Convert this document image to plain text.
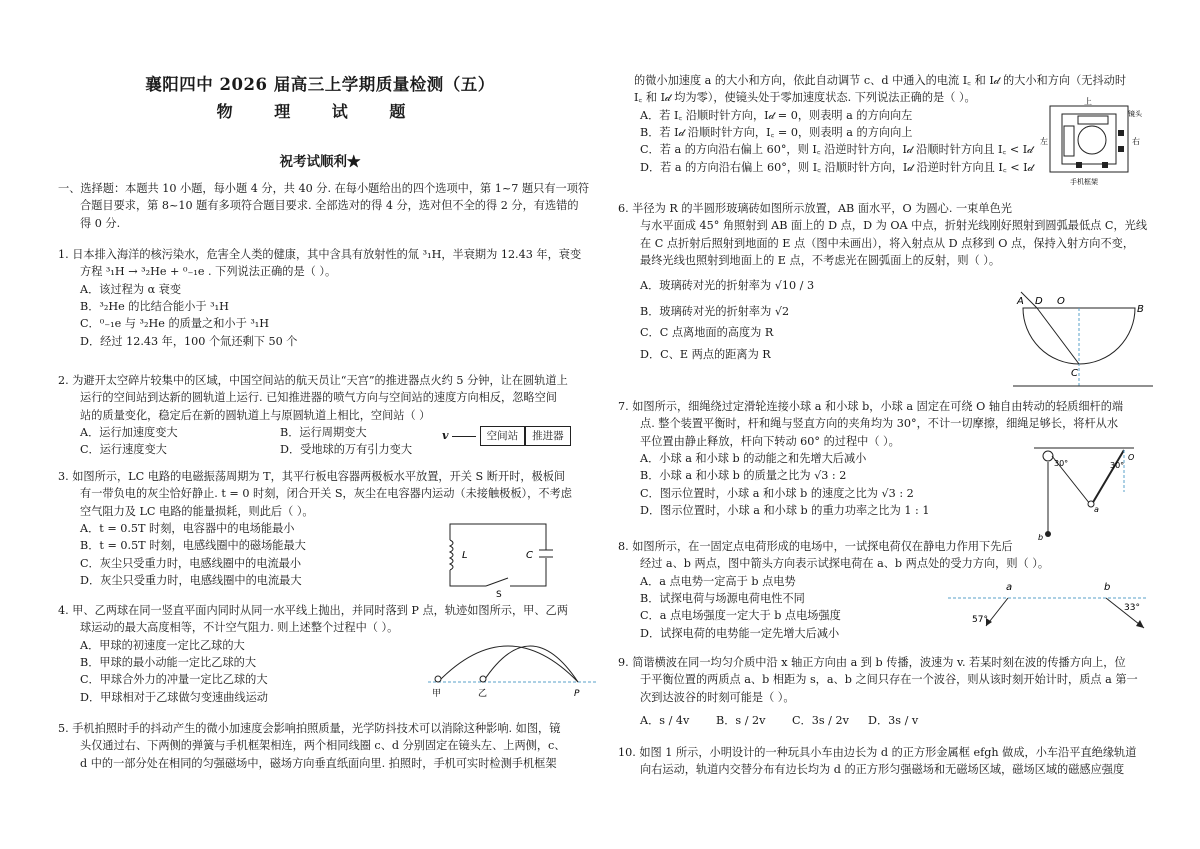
襄阳四中 2026 届高三上学期质量检测（五）
物 理 试 题
祝考试顺利★
一、选择题：本题共 10 小题，每小题 4 分，共 40 分. 在每小题给出的四个选项中，第 1~7 题只有一项符
合题目要求，第 8~10 题有多项符合题目要求. 全部选对的得 4 分，选对但不全的得 2 分，有选错的
得 0 分.
1. 日本排入海洋的核污染水，危害全人类的健康，其中含具有放射性的氚 ³₁H，半衰期为 12.43 年，衰变
方程 ³₁H → ³₂He + ⁰₋₁e . 下列说法正确的是（ ）。
A．该过程为 α 衰变
B．³₂He 的比结合能小于 ³₁H
C．⁰₋₁e 与 ³₂He 的质量之和小于 ³₁H
D．经过 12.43 年，100 个氚还剩下 50 个
2. 为避开太空碎片较集中的区域，中国空间站的航天员让“天宫”的推进器点火约 5 分钟，让在圆轨道上
运行的空间站到达新的圆轨道上运行. 已知推进器的喷气方向与空间站的速度方向相反，忽略空间
站的质量变化，稳定后在新的圆轨道上与原圆轨道上相比，空间站（ ）
A．运行加速度变大	B．运行周期变大
C．运行速度变大	D．受地球的万有引力变大
v	空间站 推进器
3. 如图所示，LC 电路的电磁振荡周期为 T，其平行板电容器两极板水平放置，开关 S 断开时，极板间
有一带负电的灰尘恰好静止. t = 0 时刻，闭合开关 S，灰尘在电容器内运动（未接触极板），不考虑
空气阻力及 LC 电路的能量损耗，则此后（ ）。
A．t = 0.5T 时刻，电容器中的电场能最小
B．t = 0.5T 时刻，电感线圈中的磁场能最大
C．灰尘只受重力时，电感线圈中的电流最小
D．灰尘只受重力时，电感线圈中的电流最大
L	C
S
4. 甲、乙两球在同一竖直平面内同时从同一水平线上抛出，并同时落到 P 点，轨迹如图所示，甲、乙两
球运动的最大高度相等，不计空气阻力. 则上述整个过程中（ ）。
A．甲球的初速度一定比乙球的大
B．甲球的最小动能一定比乙球的大
C．甲球合外力的冲量一定比乙球的大
D．甲球相对于乙球做匀变速曲线运动	甲	乙	P
5. 手机拍照时手的抖动产生的微小加速度会影响拍照质量，光学防抖技术可以消除这种影响. 如图，镜
头仅通过右、下两侧的弹簧与手机框架相连，两个相同线圈 c、d 分别固定在镜头左、上两侧，c、
d 中的一部分处在相同的匀强磁场中，磁场方向垂直纸面向里. 拍照时，手机可实时检测手机框架
的微小加速度 a 的大小和方向，依此自动调节 c、d 中通入的电流 I꜀ 和 I𝒹 的大小和方向（无抖动时
I꜀ 和 I𝒹 均为零），使镜头处于零加速度状态. 下列说法正确的是（ ）。
A．若 I꜀ 沿顺时针方向，I𝒹 = 0，则表明 a 的方向向左
B．若 I𝒹 沿顺时针方向，I꜀ = 0，则表明 a 的方向向上
C．若 a 的方向沿右偏上 60°，则 I꜀ 沿逆时针方向，I𝒹 沿顺时针方向且 I꜀ < I𝒹
D．若 a 的方向沿右偏上 60°，则 I꜀ 沿顺时针方向，I𝒹 沿逆时针方向且 I꜀ < I𝒹
上
左	右
镜头
手机框架
6. 半径为 R 的半圆形玻璃砖如图所示放置，AB 面水平，O 为圆心. 一束单色光
与水平面成 45° 角照射到 AB 面上的 D 点，D 为 OA 中点，折射光线刚好照射到圆弧最低点 C，光线
在 C 点折射后照射到地面的 E 点（图中未画出），将入射点从 D 点移到 O 点，保持入射方向不变，
最终光线也照射到地面上的 E 点，不考虑光在圆弧面上的反射，则（ ）。
A．玻璃砖对光的折射率为 √10 / 3
B．玻璃砖对光的折射率为 √2
C．C 点离地面的高度为 R
D．C、E 两点的距离为 R
A D O
B
C
7. 如图所示，细绳绕过定滑轮连接小球 a 和小球 b，小球 a 固定在可绕 O 轴自由转动的轻质细杆的端
点. 整个装置平衡时，杆和绳与竖直方向的夹角均为 30°，不计一切摩擦，细绳足够长，将杆从水
平位置由静止释放，杆向下转动 60° 的过程中（ ）。
A．小球 a 和小球 b 的动能之和先增大后减小
B．小球 a 和小球 b 的质量之比为 √3 : 2
C．图示位置时，小球 a 和小球 b 的速度之比为 √3 : 2
D．图示位置时，小球 a 和小球 b 的重力功率之比为 1 : 1
30°	30°
O
a
b
8. 如图所示，在一固定点电荷形成的电场中，一试探电荷仅在静电力作用下先后
经过 a、b 两点，图中箭头方向表示试探电荷在 a、b 两点处的受力方向，则（ ）。
A．a 点电势一定高于 b 点电势
B．试探电荷与场源电荷电性不同
C．a 点电场强度一定大于 b 点电场强度
D．试探电荷的电势能一定先增大后减小
a	b
57°
33°
9. 简谐横波在同一均匀介质中沿 x 轴正方向由 a 到 b 传播，波速为 v. 若某时刻在波的传播方向上，位
于平衡位置的两质点 a、b 相距为 s，a、b 之间只存在一个波谷，则从该时刻开始计时，质点 a 第一
次到达波谷的时刻可能是（ ）。
A．s / 4v	B．s / 2v	C．3s / 2v	D．3s / v
10. 如图 1 所示，小明设计的一种玩具小车由边长为 d 的正方形金属框 efgh 做成，小车沿平直绝缘轨道
向右运动，轨道内交替分布有边长均为 d 的正方形匀强磁场和无磁场区域，磁场区域的磁感应强度
